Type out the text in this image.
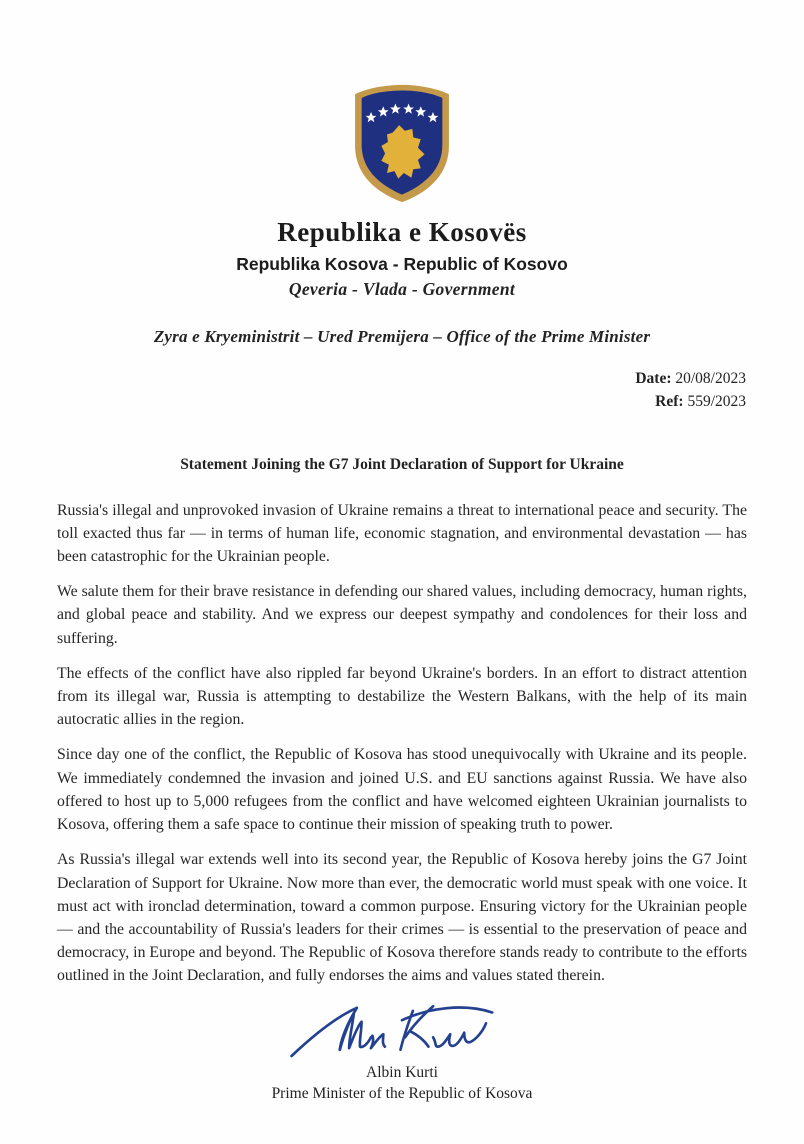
Republika e Kosovës
Republika Kosova - Republic of Kosovo
Qeveria - Vlada - Government
Zyra e Kryeministrit – Ured Premijera – Office of the Prime Minister
Date: 20/08/2023
Ref: 559/2023
Statement Joining the G7 Joint Declaration of Support for Ukraine

Russia's illegal and unprovoked invasion of Ukraine remains a threat to international peace and security. The toll exacted thus far — in terms of human life, economic stagnation, and environmental devastation — has been catastrophic for the Ukrainian people.

We salute them for their brave resistance in defending our shared values, including democracy, human rights, and global peace and stability. And we express our deepest sympathy and condolences for their loss and suffering.

The effects of the conflict have also rippled far beyond Ukraine's borders. In an effort to distract attention from its illegal war, Russia is attempting to destabilize the Western Balkans, with the help of its main autocratic allies in the region.

Since day one of the conflict, the Republic of Kosova has stood unequivocally with Ukraine and its people. We immediately condemned the invasion and joined U.S. and EU sanctions against Russia. We have also offered to host up to 5,000 refugees from the conflict and have welcomed eighteen Ukrainian journalists to Kosova, offering them a safe space to continue their mission of speaking truth to power.

As Russia's illegal war extends well into its second year, the Republic of Kosova hereby joins the G7 Joint Declaration of Support for Ukraine. Now more than ever, the democratic world must speak with one voice. It must act with ironclad determination, toward a common purpose. Ensuring victory for the Ukrainian people — and the accountability of Russia's leaders for their crimes — is essential to the preservation of peace and democracy, in Europe and beyond. The Republic of Kosova therefore stands ready to contribute to the efforts outlined in the Joint Declaration, and fully endorses the aims and values stated therein.

Albin Kurti
Prime Minister of the Republic of Kosova
